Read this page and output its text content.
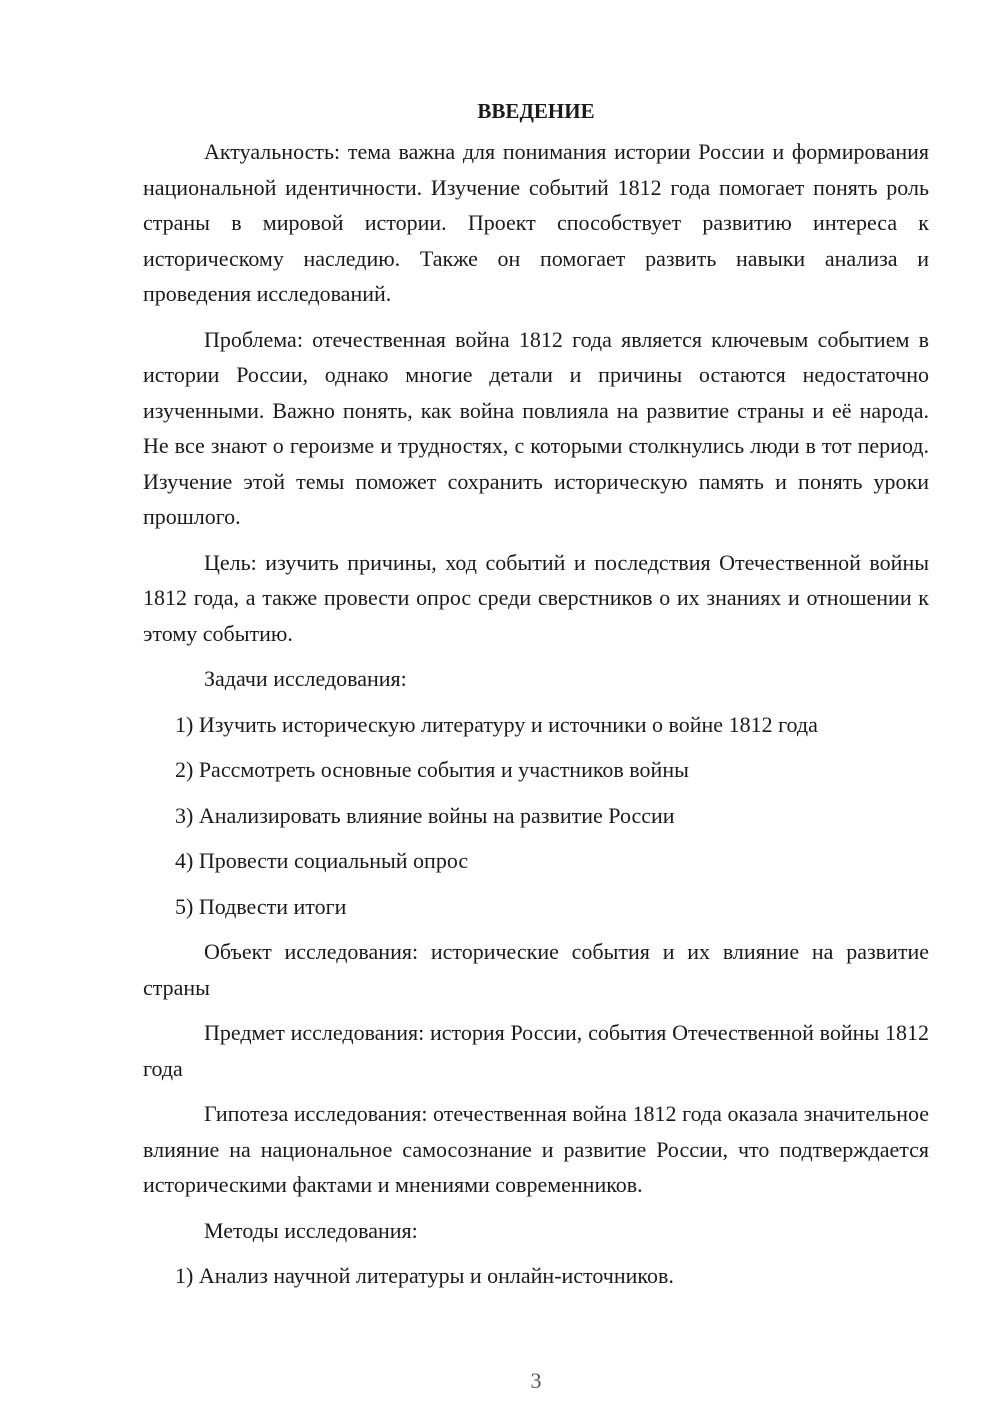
ВВЕДЕНИЕ

Актуальность: тема важна для понимания истории России и формирования национальной идентичности. Изучение событий 1812 года помогает понять роль страны в мировой истории. Проект способствует развитию интереса к историческому наследию. Также он помогает развить навыки анализа и проведения исследований.

Проблема: отечественная война 1812 года является ключевым событием в истории России, однако многие детали и причины остаются недостаточно изученными. Важно понять, как война повлияла на развитие страны и её народа. Не все знают о героизме и трудностях, с которыми столкнулись люди в тот период. Изучение этой темы поможет сохранить историческую память и понять уроки прошлого.

Цель: изучить причины, ход событий и последствия Отечественной войны 1812 года, а также провести опрос среди сверстников о их знаниях и отношении к этому событию.

Задачи исследования:

1) Изучить историческую литературу и источники о войне 1812 года
2) Рассмотреть основные события и участников войны
3) Анализировать влияние войны на развитие России
4) Провести социальный опрос
5) Подвести итоги

Объект исследования: исторические события и их влияние на развитие страны

Предмет исследования: история России, события Отечественной войны 1812 года

Гипотеза исследования: отечественная война 1812 года оказала значительное влияние на национальное самосознание и развитие России, что подтверждается историческими фактами и мнениями современников.

Методы исследования:

1) Анализ научной литературы и онлайн-источников.
3
